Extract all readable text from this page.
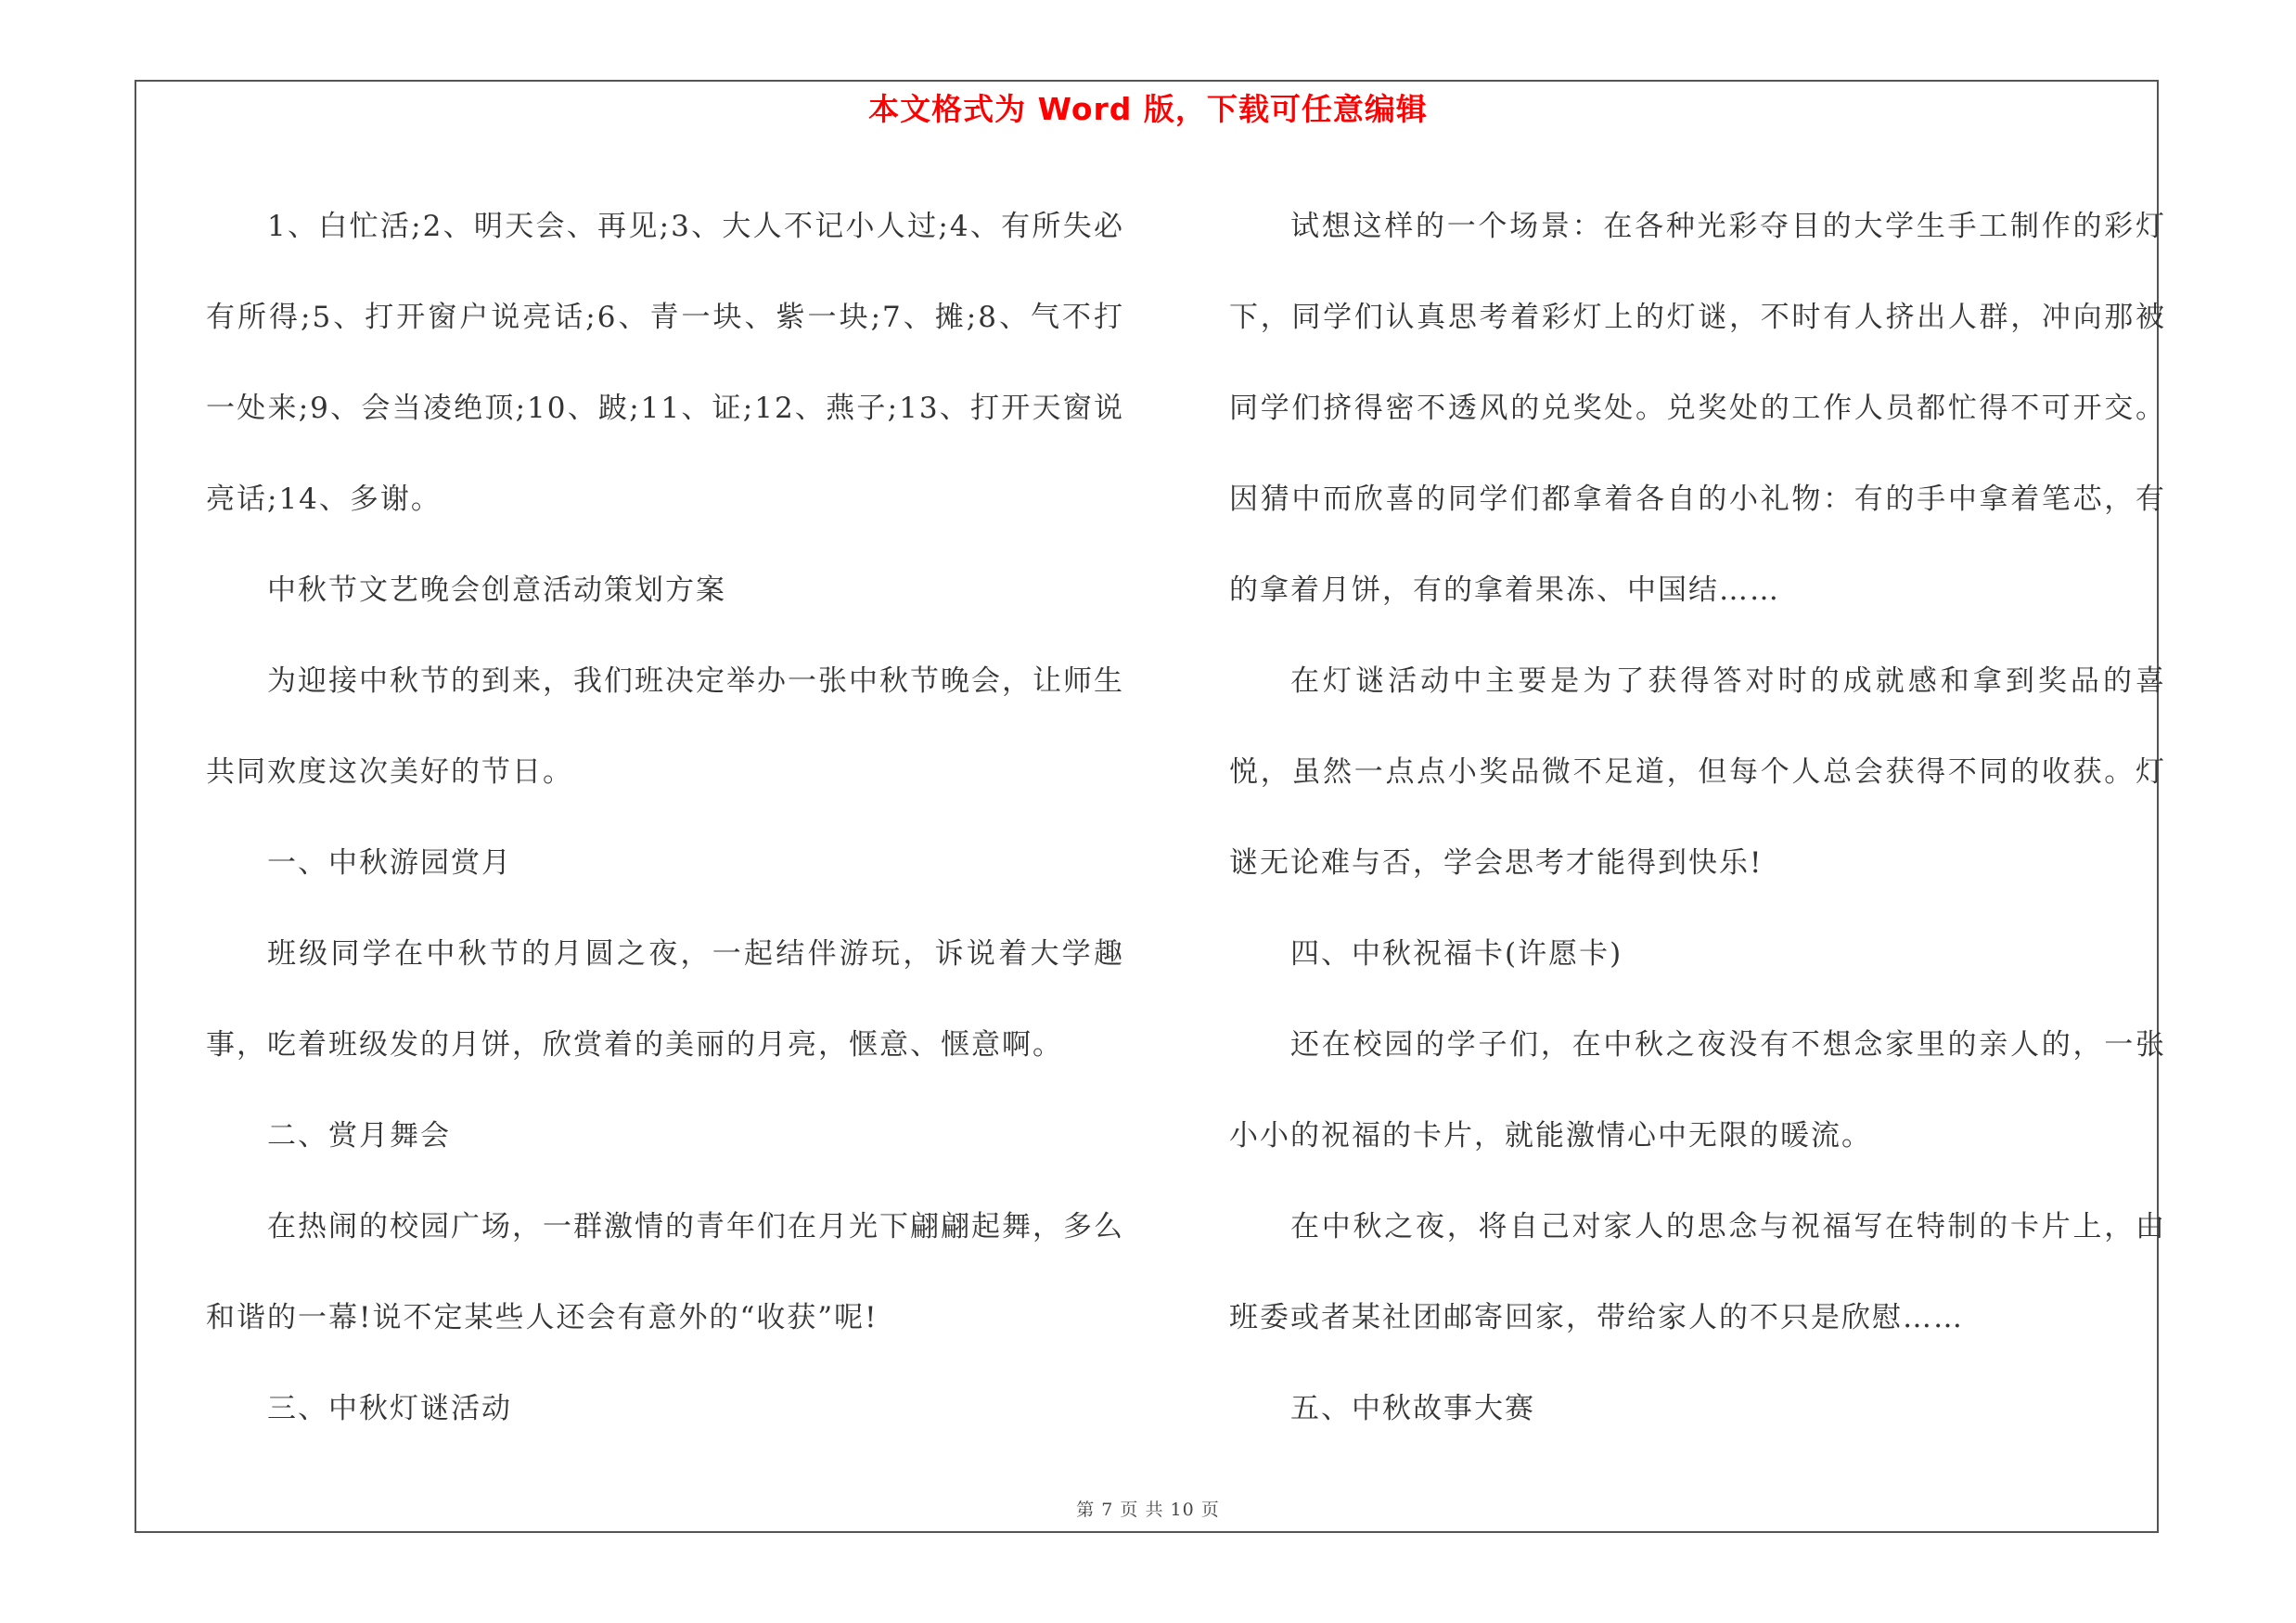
本文格式为 Word 版，下载可任意编辑

1、白忙活;2、明天会、再见;3、大人不记小人过;4、有所失必有所得;5、打开窗户说亮话;6、青一块、紫一块;7、摊;8、气不打一处来;9、会当凌绝顶;10、跛;11、证;12、燕子;13、打开天窗说亮话;14、多谢。

中秋节文艺晚会创意活动策划方案

为迎接中秋节的到来，我们班决定举办一张中秋节晚会，让师生共同欢度这次美好的节日。

一、中秋游园赏月

班级同学在中秋节的月圆之夜，一起结伴游玩，诉说着大学趣事，吃着班级发的月饼，欣赏着的美丽的月亮，惬意、惬意啊。

二、赏月舞会

在热闹的校园广场，一群激情的青年们在月光下翩翩起舞，多么和谐的一幕!说不定某些人还会有意外的“收获”呢!

三、中秋灯谜活动

试想这样的一个场景：在各种光彩夺目的大学生手工制作的彩灯下，同学们认真思考着彩灯上的灯谜，不时有人挤出人群，冲向那被同学们挤得密不透风的兑奖处。兑奖处的工作人员都忙得不可开交。因猜中而欣喜的同学们都拿着各自的小礼物：有的手中拿着笔芯，有的拿着月饼，有的拿着果冻、中国结……

在灯谜活动中主要是为了获得答对时的成就感和拿到奖品的喜悦，虽然一点点小奖品微不足道，但每个人总会获得不同的收获。灯谜无论难与否，学会思考才能得到快乐!

四、中秋祝福卡(许愿卡)

还在校园的学子们，在中秋之夜没有不想念家里的亲人的，一张小小的祝福的卡片，就能激情心中无限的暖流。

在中秋之夜，将自己对家人的思念与祝福写在特制的卡片上，由班委或者某社团邮寄回家，带给家人的不只是欣慰……

五、中秋故事大赛

第 7 页 共 10 页
